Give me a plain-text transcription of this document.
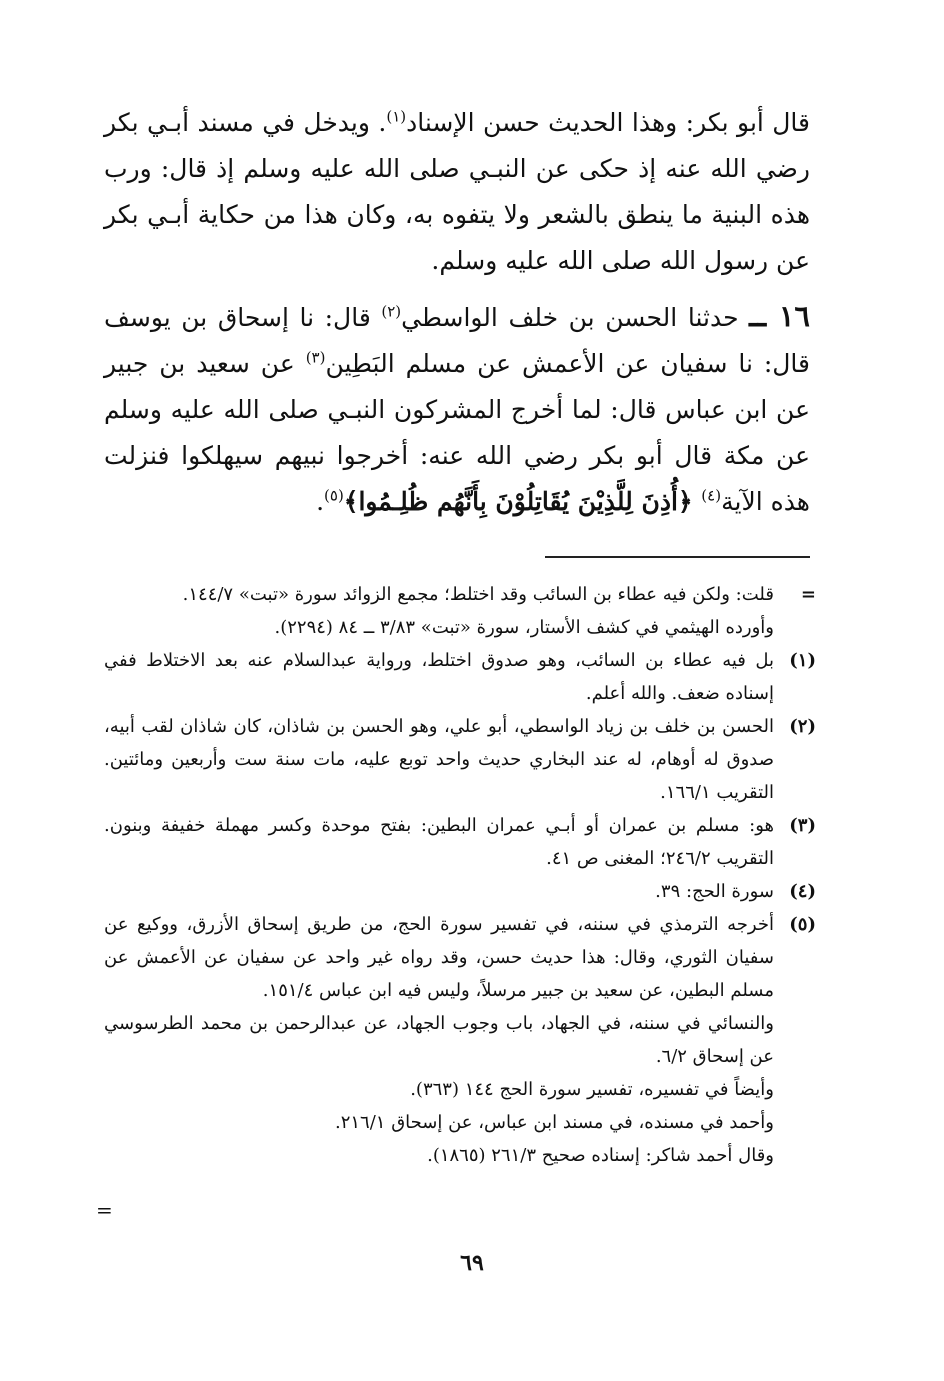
قال أبو بكر: وهذا الحديث حسن الإسناد$^{(١)}$. ويدخل في مسند أبـي بكر رضي الله عنه إذ حكى عن النبـي صلى الله عليه وسلم إذ قال: ورب هذه البنية ما ينطق بالشعر ولا يتفوه به، وكان هذا من حكاية أبـي بكر عن رسول الله صلى الله عليه وسلم.
١٦ ــ حدثنا الحسن بن خلف الواسطي$^{(٢)}$ قال: نا إسحاق بن يوسف قال: نا سفيان عن الأعمش عن مسلم البَطِين$^{(٣)}$ عن سعيد بن جبير عن ابن عباس قال: لما أخرج المشركون النبـي صلى الله عليه وسلم عن مكة قال أبو بكر رضي الله عنه: أخرجوا نبيهم سيهلكوا فنزلت هذه الآية$^{(٤)}$ ﴿أُذِنَ لِلَّذِيْنَ يُقَاتِلُوْنَ بِأَنَّهُم ظُلِـمُوا﴾$^{(٥)}$.
=
قلت: ولكن فيه عطاء بن السائب وقد اختلط؛ مجمع الزوائد سورة «تبت» ١٤٤/٧.
وأورده الهيثمي في كشف الأستار، سورة «تبت» ٣/٨٣ ــ ٨٤ (٢٢٩٤).
(١)
بل فيه عطاء بن السائب، وهو صدوق اختلط، ورواية عبدالسلام عنه بعد الاختلاط ففي إسناده ضعف. والله أعلم.
(٢)
الحسن بن خلف بن زياد الواسطي، أبو علي، وهو الحسن بن شاذان، كان شاذان لقب أبيه، صدوق له أوهام، له عند البخاري حديث واحد توبع عليه، مات سنة ست وأربعين ومائتين. التقريب ١٦٦/١.
(٣)
هو: مسلم بن عمران أو أبـي عمران البطين: بفتح موحدة وكسر مهملة خفيفة وبنون. التقريب ٢٤٦/٢؛ المغنى ص ٤١.
(٤)
سورة الحج: ٣٩.
(٥)
أخرجه الترمذي في سننه، في تفسير سورة الحج، من طريق إسحاق الأزرق، ووكيع عن سفيان الثوري، وقال: هذا حديث حسن، وقد رواه غير واحد عن سفيان عن الأعمش عن مسلم البطين، عن سعيد بن جبير مرسلاً، وليس فيه ابن عباس ١٥١/٤.
والنسائي في سننه، في الجهاد، باب وجوب الجهاد، عن عبدالرحمن بن محمد الطرسوسي عن إسحاق ٦/٢.
وأيضاً في تفسيره، تفسير سورة الحج ١٤٤ (٣٦٣).
وأحمد في مسنده، في مسند ابن عباس، عن إسحاق ٢١٦/١.
وقال أحمد شاكر: إسناده صحيح ٢٦١/٣ (١٨٦٥).
=
٦٩
